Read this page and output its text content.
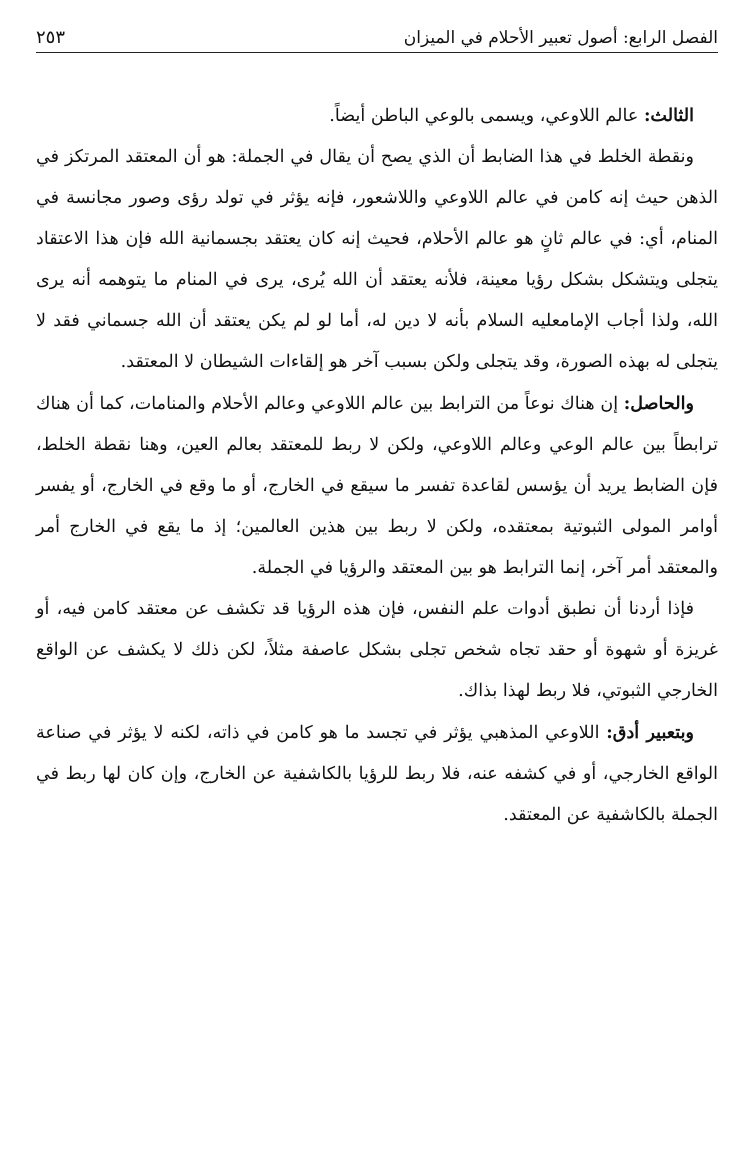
الفصل الرابع: أصول تعبير الأحلام في الميزان
٢٥٣

الثالث: عالم اللاوعي، ويسمى بالوعي الباطن أيضاً.

ونقطة الخلط في هذا الضابط أن الذي يصح أن يقال في الجملة: هو أن المعتقد المرتكز في الذهن حيث إنه كامن في عالم اللاوعي واللاشعور، فإنه يؤثر في تولد رؤى وصور مجانسة في المنام، أي: في عالم ثانٍ هو عالم الأحلام، فحيث إنه كان يعتقد بجسمانية الله فإن هذا الاعتقاد يتجلى ويتشكل بشكل رؤيا معينة، فلأنه يعتقد أن الله يُرى، يرى في المنام ما يتوهمه أنه يرى الله، ولذا أجاب الإمامعليه السلام بأنه لا دين له، أما لو لم يكن يعتقد أن الله جسماني فقد لا يتجلى له بهذه الصورة، وقد يتجلى ولكن بسبب آخر هو إلقاءات الشيطان لا المعتقد.

والحاصل: إن هناك نوعاً من الترابط بين عالم اللاوعي وعالم الأحلام والمنامات، كما أن هناك ترابطاً بين عالم الوعي وعالم اللاوعي، ولكن لا ربط للمعتقد بعالم العين، وهنا نقطة الخلط، فإن الضابط يريد أن يؤسس لقاعدة تفسر ما سيقع في الخارج، أو ما وقع في الخارج، أو يفسر أوامر المولى الثبوتية بمعتقده، ولكن لا ربط بين هذين العالمين؛ إذ ما يقع في الخارج أمر والمعتقد أمر آخر، إنما الترابط هو بين المعتقد والرؤيا في الجملة.

فإذا أردنا أن نطبق أدوات علم النفس، فإن هذه الرؤيا قد تكشف عن معتقد كامن فيه، أو غريزة أو شهوة أو حقد تجاه شخص تجلى بشكل عاصفة مثلاً، لكن ذلك لا يكشف عن الواقع الخارجي الثبوتي، فلا ربط لهذا بذاك.

وبتعبير أدق: اللاوعي المذهبي يؤثر في تجسد ما هو كامن في ذاته، لكنه لا يؤثر في صناعة الواقع الخارجي، أو في كشفه عنه، فلا ربط للرؤيا بالكاشفية عن الخارج، وإن كان لها ربط في الجملة بالكاشفية عن المعتقد.
